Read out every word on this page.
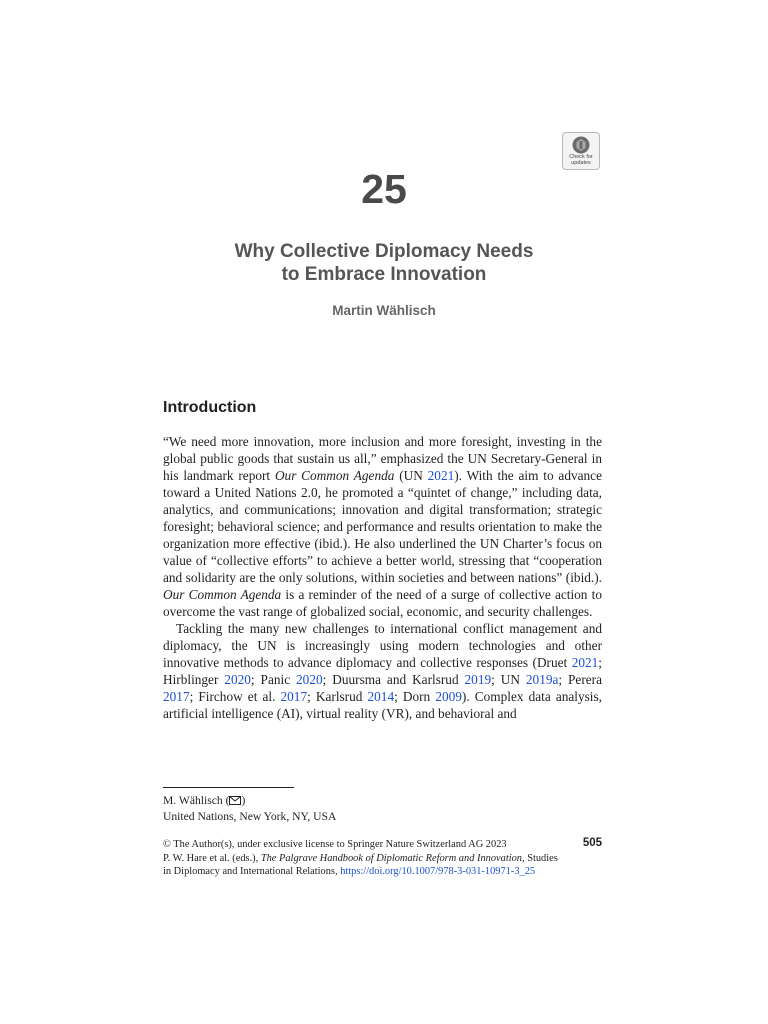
Check for
updates
25
Why Collective Diplomacy Needs
to Embrace Innovation
Martin Wählisch
Introduction

“We need more innovation, more inclusion and more foresight, investing in the global public goods that sustain us all,” emphasized the UN Secretary-General in his landmark report Our Common Agenda (UN 2021). With the aim to advance toward a United Nations 2.0, he promoted a “quintet of change,” including data, analytics, and communications; innovation and digital transformation; strategic foresight; behavioral science; and performance and results orientation to make the organization more effective (ibid.). He also underlined the UN Charter’s focus on value of “collective efforts” to achieve a better world, stressing that “cooperation and solidarity are the only solutions, within societies and between nations” (ibid.). Our Common Agenda is a reminder of the need of a surge of collective action to overcome the vast range of globalized social, economic, and security challenges.

Tackling the many new challenges to international conflict management and diplomacy, the UN is increasingly using modern technologies and other innovative methods to advance diplomacy and collective responses (Druet 2021; Hirblinger 2020; Panic 2020; Duursma and Karlsrud 2019; UN 2019a; Perera 2017; Firchow et al. 2017; Karlsrud 2014; Dorn 2009). Complex data analysis, artificial intelligence (AI), virtual reality (VR), and behavioral and

M. Wählisch ( )
United Nations, New York, NY, USA
© The Author(s), under exclusive license to Springer Nature Switzerland AG 2023
P. W. Hare et al. (eds.), The Palgrave Handbook of Diplomatic Reform and Innovation, Studies
in Diplomacy and International Relations, https://doi.org/10.1007/978-3-031-10971-3_25
505
